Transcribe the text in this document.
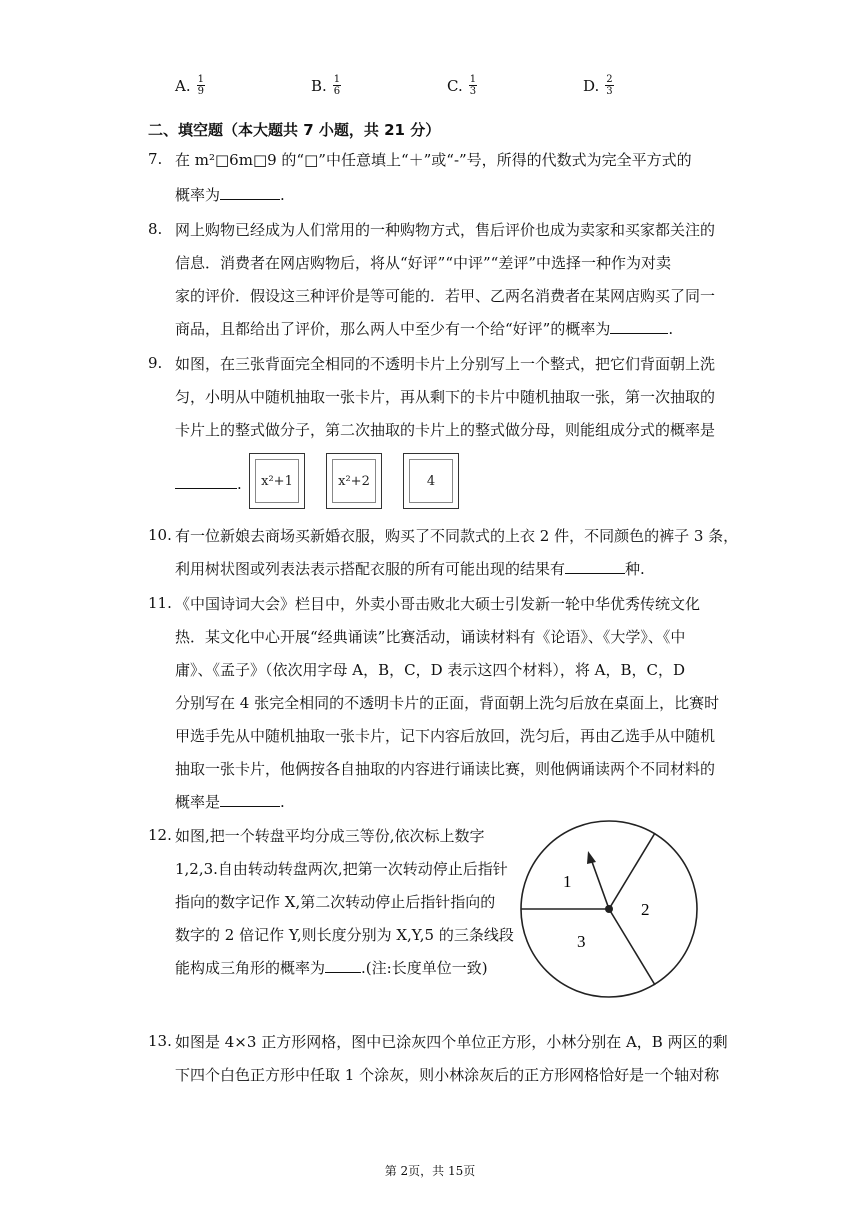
A. $\frac{1}{9}$	B. $\frac{1}{6}$	C. $\frac{1}{3}$	D. $\frac{2}{3}$
二、填空题（本大题共 7 小题，共 21 分）
7. 在 m²□6m□9 的“□”中任意填上“＋”或“-”号，所得的代数式为完全平方式的
概率为	.
8. 网上购物已经成为人们常用的一种购物方式，售后评价也成为卖家和买家都关注的
信息．消费者在网店购物后，将从“好评”“中评”“差评”中选择一种作为对卖
家的评价．假设这三种评价是等可能的．若甲、乙两名消费者在某网店购买了同一
商品，且都给出了评价，那么两人中至少有一个给“好评”的概率为	.
9. 如图，在三张背面完全相同的不透明卡片上分别写上一个整式，把它们背面朝上洗
匀，小明从中随机抽取一张卡片，再从剩下的卡片中随机抽取一张，第一次抽取的
卡片上的整式做分子，第二次抽取的卡片上的整式做分母，则能组成分式的概率是
.	x²+1	x²+2	4
10. 有一位新娘去商场买新婚衣服，购买了不同款式的上衣 2 件，不同颜色的裤子 3 条，
利用树状图或列表法表示搭配衣服的所有可能出现的结果有	种.
11. 《中国诗词大会》栏目中，外卖小哥击败北大硕士引发新一轮中华优秀传统文化
热．某文化中心开展“经典诵读”比赛活动，诵读材料有《论语》、《大学》、《中
庸》、《孟子》（依次用字母 A，B，C，D 表示这四个材料），将 A，B，C，D
分别写在 4 张完全相同的不透明卡片的正面，背面朝上洗匀后放在桌面上，比赛时
甲选手先从中随机抽取一张卡片，记下内容后放回，洗匀后，再由乙选手从中随机
抽取一张卡片，他俩按各自抽取的内容进行诵读比赛，则他俩诵读两个不同材料的
概率是	.
12. 如图,把一个转盘平均分成三等份,依次标上数字
1,2,3.自由转动转盘两次,把第一次转动停止后指针
指向的数字记作 X,第二次转动停止后指针指向的
数字的 2 倍记作 Y,则长度分别为 X,Y,5 的三条线段
能构成三角形的概率为 .(注:长度单位一致)
1
2
3
13. 如图是 4×3 正方形网格，图中已涂灰四个单位正方形，小林分别在 A，B 两区的剩
下四个白色正方形中任取 1 个涂灰，则小林涂灰后的正方形网格恰好是一个轴对称
第 2页，共 15页
